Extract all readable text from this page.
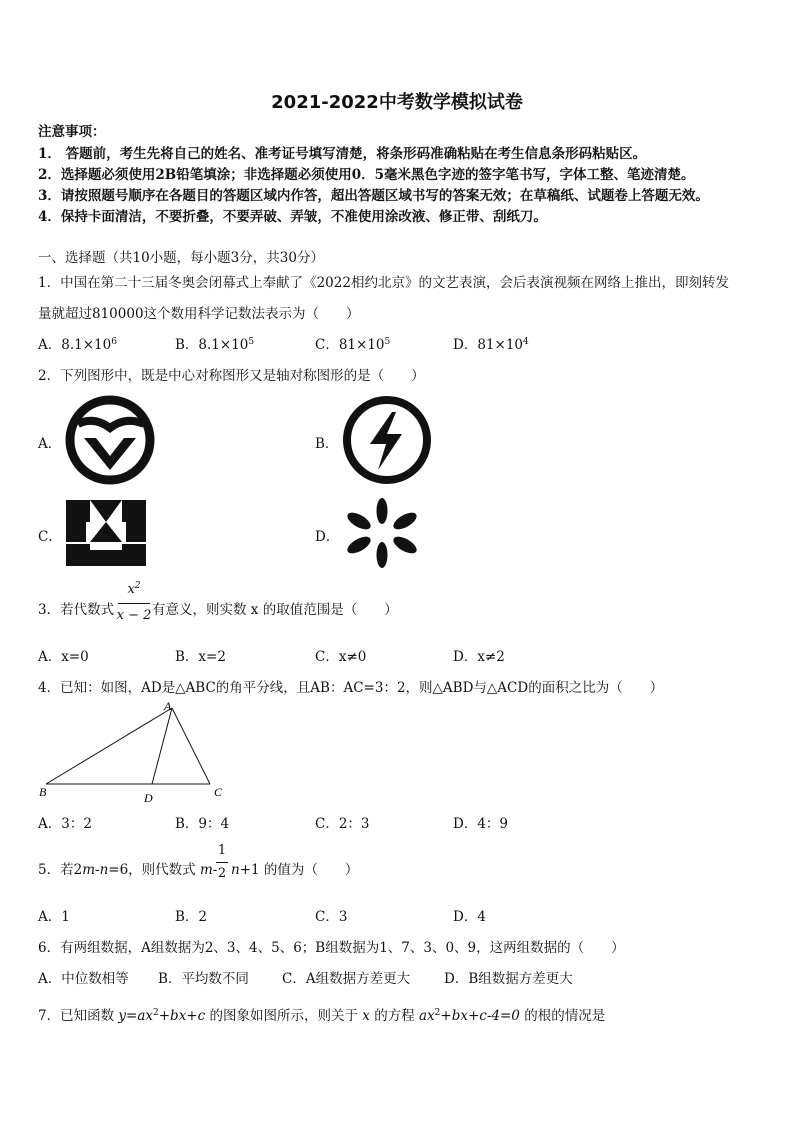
2021-2022中考数学模拟试卷
注意事项：
1． 答题前，考生先将自己的姓名、准考证号填写清楚，将条形码准确粘贴在考生信息条形码粘贴区。
2．选择题必须使用2B铅笔填涂；非选择题必须使用0．5毫米黑色字迹的签字笔书写，字体工整、笔迹清楚。
3．请按照题号顺序在各题目的答题区域内作答，超出答题区域书写的答案无效；在草稿纸、试题卷上答题无效。
4．保持卡面清洁，不要折叠，不要弄破、弄皱，不准使用涂改液、修正带、刮纸刀。
一、选择题（共10小题，每小题3分，共30分）
1．中国在第二十三届冬奥会闭幕式上奉献了《2022相约北京》的文艺表演，会后表演视频在网络上推出，即刻转发
量就超过810000这个数用科学记数法表示为（　　）
A．$8.1\times 10^6$	B．$8.1\times 10^5$	C．$81\times 10^5$	D．$81\times 10^4$
2．下列图形中，既是中心对称图形又是轴对称图形的是（　　）
A．	B．
C．	D．
3．若代数式
$x^2$
x − 2 有意义，则实数 x 的取值范围是（　　）
A．x=0	B．x=2	C．x≠0	D．x≠2
4．已知：如图，AD是△ABC的角平分线，且AB：AC=3：2，则△ABD与△ACD的面积之比为（　　）
A
B	D	C
A．3：2	B．9：4	C．2：3	D．4：9
5．若2m-n=6，则代数式 m-
1
2 n+1 的值为（　　）
A．1	B．2	C．3	D．4
6．有两组数据，A组数据为2、3、4、5、6；B组数据为1、7、3、0、9，这两组数据的（　　）
A．中位数相等 B．平均数不同 C．A组数据方差更大	D．B组数据方差更大
7．已知函数 $y=ax^2+bx+c$ 的图象如图所示，则关于 x 的方程 $ax^2+bx+c-4=0$ 的根的情况是
